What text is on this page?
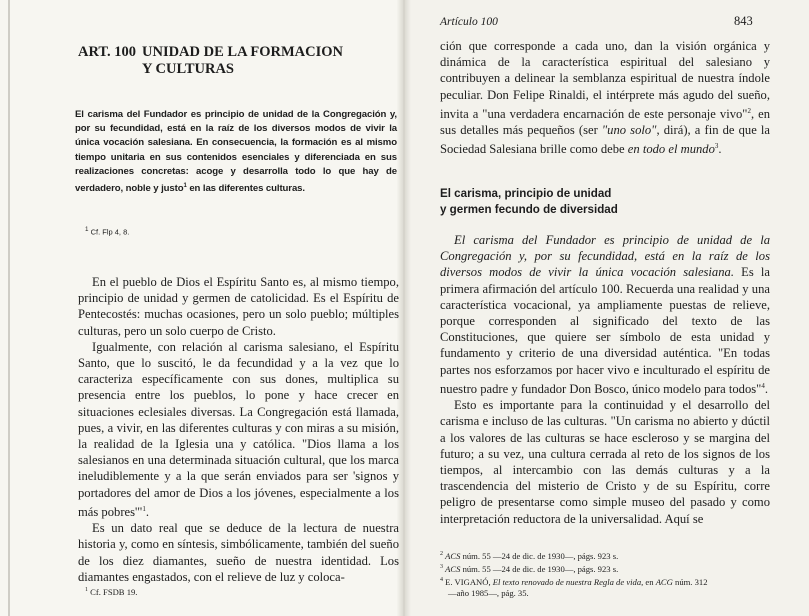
ART. 100 UNIDAD DE LA FORMACION
Y CULTURAS
El carisma del Fundador es principio de unidad de la Congregación y, por su fecundidad, está en la raíz de los diversos modos de vivir la única vocación salesiana. En consecuencia, la formación es al mismo tiempo unitaria en sus contenidos esenciales y diferenciada en sus realizaciones concretas: acoge y desarrolla todo lo que hay de verdadero, noble y justo$^1$ en las diferentes culturas.
$^1$ Cf. Flp 4, 8.

En el pueblo de Dios el Espíritu Santo es, al mismo tiempo, principio de unidad y germen de catolicidad. Es el Espíritu de Pentecostés: muchas ocasiones, pero un solo pueblo; múltiples culturas, pero un solo cuerpo de Cristo.

Igualmente, con relación al carisma salesiano, el Espíritu Santo, que lo suscitó, le da fecundidad y a la vez que lo caracteriza específicamente con sus dones, multiplica su presencia entre los pueblos, lo pone y hace crecer en situaciones eclesiales diversas. La Congregación está llamada, pues, a vivir, en las diferentes culturas y con miras a su misión, la realidad de la Iglesia una y católica. "Dios llama a los salesianos en una determinada situación cultural, que los marca ineludiblemente y a la que serán enviados para ser 'signos y portadores del amor de Dios a los jóvenes, especialmente a los más pobres'"$^1$.

Es un dato real que se deduce de la lectura de nuestra historia y, como en síntesis, simbólicamente, también del sueño de los diez diamantes, sueño de nuestra identidad. Los diamantes engastados, con el relieve de luz y coloca-

$^1$ Cf. FSDB 19.
Artículo 100	843

ción que corresponde a cada uno, dan la visión orgánica y dinámica de la característica espiritual del salesiano y contribuyen a delinear la semblanza espiritual de nuestra índole peculiar. Don Felipe Rinaldi, el intérprete más agudo del sueño, invita a "una verdadera encarnación de este personaje vivo"$^2$, en sus detalles más pequeños (ser "uno solo", dirá), a fin de que la Sociedad Salesiana brille como debe en todo el mundo$^3$.

El carisma, principio de unidad
y germen fecundo de diversidad

El carisma del Fundador es principio de unidad de la Congregación y, por su fecundidad, está en la raíz de los diversos modos de vivir la única vocación salesiana. Es la primera afirmación del artículo 100. Recuerda una realidad y una característica vocacional, ya ampliamente puestas de relieve, porque corresponden al significado del texto de las Constituciones, que quiere ser símbolo de esta unidad y fundamento y criterio de una diversidad auténtica. "En todas partes nos esforzamos por hacer vivo e inculturado el espíritu de nuestro padre y fundador Don Bosco, único modelo para todos"$^4$.

Esto es importante para la continuidad y el desarrollo del carisma e incluso de las culturas. "Un carisma no abierto y dúctil a los valores de las culturas se hace escleroso y se margina del futuro; a su vez, una cultura cerrada al reto de los signos de los tiempos, al intercambio con las demás culturas y a la trascendencia del misterio de Cristo y de su Espíritu, corre peligro de presentarse como simple museo del pasado y como interpretación reductora de la universalidad. Aquí se

$^2$ ACS núm. 55 —24 de dic. de 1930—, págs. 923 s.
$^3$ ACS núm. 55 —24 de dic. de 1930—, págs. 923 s.
$^4$ E. VIGANÓ, El texto renovado de nuestra Regla de vida, en ACG núm. 312
—año 1985—, pág. 35.
